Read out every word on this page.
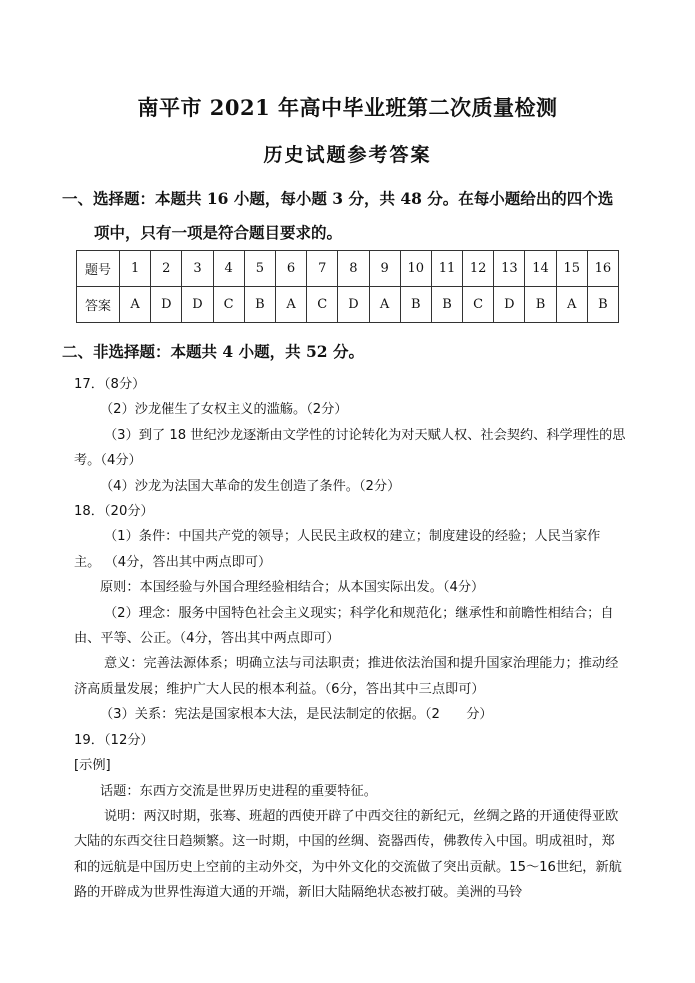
南平市 2021 年高中毕业班第二次质量检测
历史试题参考答案
一、选择题：本题共 16 小题，每小题 3 分，共 48 分。在每小题给出的四个选
项中，只有一项是符合题目要求的。
题号	1	2	3	4	5	6	7	8	9	10	11	12	13	14	15	16
答案	A	D	D	C	B	A	C	D	A	B	B	C	D	B	A	B
二、非选择题：本题共 4 小题，共 52 分。

17．（8分）

（2）沙龙催生了女权主义的滥觞。（2分）

（3）到了 18 世纪沙龙逐渐由文学性的讨论转化为对天赋人权、社会契约、科学理性的思考。（4分）

（4）沙龙为法国大革命的发生创造了条件。（2分）

18．（20分）

（1）条件：中国共产党的领导；人民民主政权的建立；制度建设的经验；人民当家作主。 （4分，答出其中两点即可）

原则：本国经验与外国合理经验相结合；从本国实际出发。（4分）

（2）理念：服务中国特色社会主义现实；科学化和规范化；继承性和前瞻性相结合；自由、平等、公正。（4分，答出其中两点即可）

意义：完善法源体系；明确立法与司法职责；推进依法治国和提升国家治理能力；推动经济高质量发展；维护广大人民的根本利益。（6分，答出其中三点即可）

（3）关系：宪法是国家根本大法，是民法制定的依据。（2　　分）

19．（12分）

[示例]

话题：东西方交流是世界历史进程的重要特征。

说明：两汉时期，张骞、班超的西使开辟了中西交往的新纪元，丝绸之路的开通使得亚欧大陆的东西交往日趋频繁。这一时期，中国的丝绸、瓷器西传，佛教传入中国。明成祖时，郑和的远航是中国历史上空前的主动外交，为中外文化的交流做了突出贡献。15～16世纪，新航路的开辟成为世界性海道大通的开端，新旧大陆隔绝状态被打破。美洲的马铃
